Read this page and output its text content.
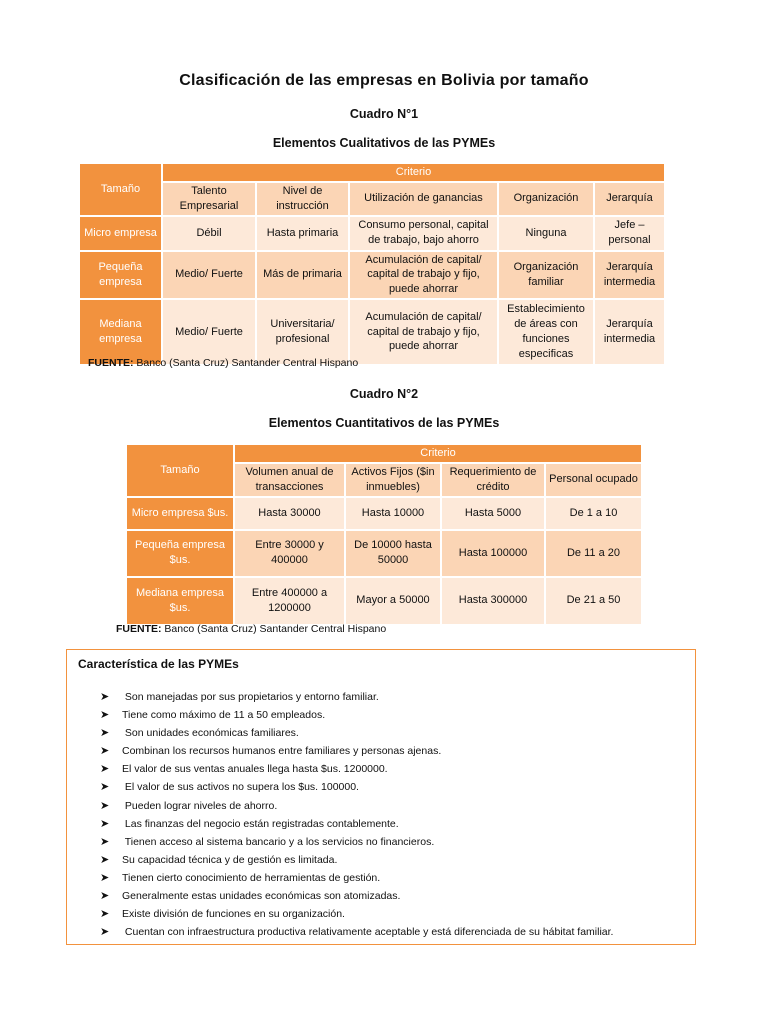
Clasificación de las empresas en Bolivia por tamaño
Cuadro N°1
Elementos Cualitativos de las PYMEs
Tamaño	Criterio				
	Talento Empresarial	Nivel de instrucción	Utilización de ganancias	Organización	Jerarquía
Micro empresa	Débil	Hasta primaria	Consumo personal, capital de trabajo, bajo ahorro	Ninguna	Jefe – personal
Pequeña empresa	Medio/ Fuerte	Más de primaria	Acumulación de capital/ capital de trabajo y fijo, puede ahorrar	Organización familiar	Jerarquía intermedia
Mediana empresa	Medio/ Fuerte	Universitaria/ profesional	Acumulación de capital/ capital de trabajo y fijo, puede ahorrar	Establecimiento de áreas con funciones especificas	Jerarquía intermedia
FUENTE: Banco (Santa Cruz) Santander Central Hispano
Cuadro N°2
Elementos Cuantitativos de las PYMEs
Tamaño	Criterio			
	Volumen anual de transacciones	Activos Fijos ($in inmuebles)	Requerimiento de crédito	Personal ocupado
Micro empresa $us.	Hasta 30000	Hasta 10000	Hasta 5000	De 1 a 10
Pequeña empresa $us.	Entre 30000 y 400000	De 10000 hasta 50000	Hasta 100000	De 11 a 20
Mediana empresa $us.	Entre 400000 a 1200000	Mayor a 50000	Hasta 300000	De 21 a 50
FUENTE: Banco (Santa Cruz) Santander Central Hispano
Característica de las PYMEs
➤ Son manejadas por sus propietarios y entorno familiar.
➤ Tiene como máximo de 11 a 50 empleados.
➤ Son unidades económicas familiares.
➤ Combinan los recursos humanos entre familiares y personas ajenas.
➤ El valor de sus ventas anuales llega hasta $us. 1200000.
➤ El valor de sus activos no supera los $us. 100000.
➤ Pueden lograr niveles de ahorro.
➤ Las finanzas del negocio están registradas contablemente.
➤ Tienen acceso al sistema bancario y a los servicios no financieros.
➤ Su capacidad técnica y de gestión es limitada.
➤ Tienen cierto conocimiento de herramientas de gestión.
➤ Generalmente estas unidades económicas son atomizadas.
➤ Existe división de funciones en su organización.
➤ Cuentan con infraestructura productiva relativamente aceptable y está diferenciada de su hábitat familiar.
